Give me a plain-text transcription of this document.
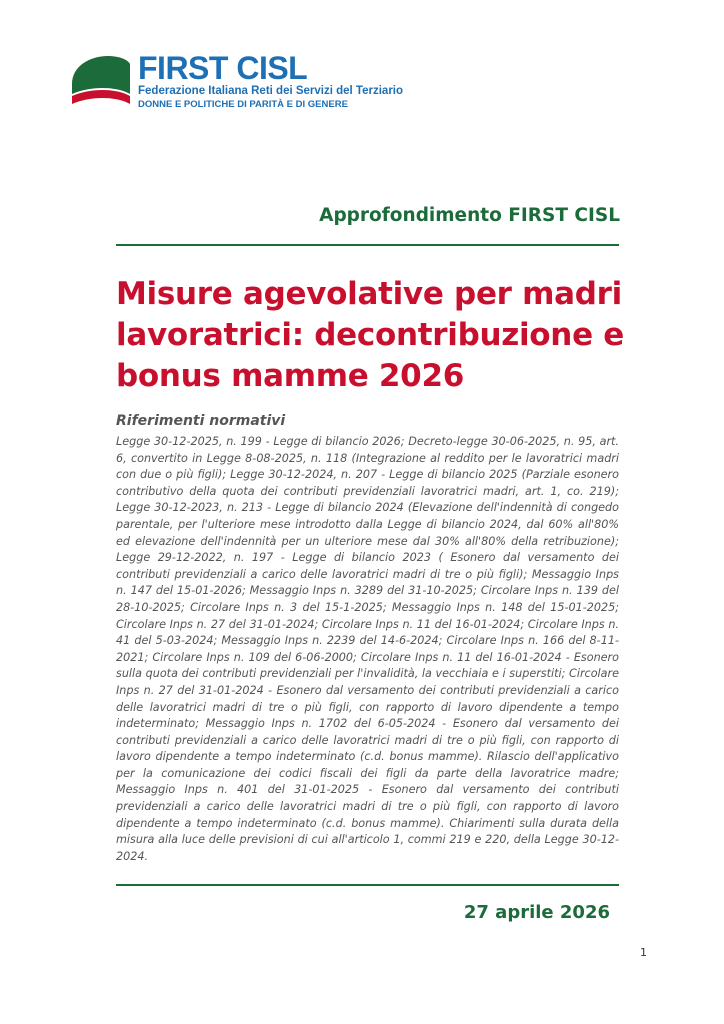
FIRST CISL
Federazione Italiana Reti dei Servizi del Terziario
DONNE E POLITICHE DI PARITÀ E DI GENERE
Approfondimento FIRST CISL
Misure agevolative per madri lavoratrici: decontribuzione e bonus mamme 2026
Riferimenti normativi

Legge 30-12-2025, n. 199 - Legge di bilancio 2026; Decreto-legge 30-06-2025, n. 95, art. 6, convertito in Legge 8-08-2025, n. 118 (Integrazione al reddito per le lavoratrici madri con due o più figli); Legge 30-12-2024, n. 207 - Legge di bilancio 2025 (Parziale esonero contributivo della quota dei contributi previdenziali lavoratrici madri, art. 1, co. 219); Legge 30-12-2023, n. 213 - Legge di bilancio 2024 (Elevazione dell'indennità di congedo parentale, per l'ulteriore mese introdotto dalla Legge di bilancio 2024, dal 60% all'80% ed elevazione dell'indennità per un ulteriore mese dal 30% all'80% della retribuzione); Legge 29-12-2022, n. 197 - Legge di bilancio 2023 ( Esonero dal versamento dei contributi previdenziali a carico delle lavoratrici madri di tre o più figli); Messaggio Inps n. 147 del 15-01-2026; Messaggio Inps n. 3289 del 31-10-2025; Circolare Inps n. 139 del 28-10-2025; Circolare Inps n. 3 del 15-1-2025; Messaggio Inps n. 148 del 15-01-2025; Circolare Inps n. 27 del 31-01-2024; Circolare Inps n. 11 del 16-01-2024; Circolare Inps n. 41 del 5-03-2024; Messaggio Inps n. 2239 del 14-6-2024; Circolare Inps n. 166 del 8-11-2021; Circolare Inps n. 109 del 6-06-2000; Circolare Inps n. 11 del 16-01-2024 - Esonero sulla quota dei contributi previdenziali per l'invalidità, la vecchiaia e i superstiti; Circolare Inps n. 27 del 31-01-2024 - Esonero dal versamento dei contributi previdenziali a carico delle lavoratrici madri di tre o più figli, con rapporto di lavoro dipendente a tempo indeterminato; Messaggio Inps n. 1702 del 6-05-2024 - Esonero dal versamento dei contributi previdenziali a carico delle lavoratrici madri di tre o più figli, con rapporto di lavoro dipendente a tempo indeterminato (c.d. bonus mamme). Rilascio dell'applicativo per la comunicazione dei codici fiscali dei figli da parte della lavoratrice madre; Messaggio Inps n. 401 del 31-01-2025 - Esonero dal versamento dei contributi previdenziali a carico delle lavoratrici madri di tre o più figli, con rapporto di lavoro dipendente a tempo indeterminato (c.d. bonus mamme). Chiarimenti sulla durata della misura alla luce delle previsioni di cui all'articolo 1, commi 219 e 220, della Legge 30-12-2024.

27 aprile 2026
1
